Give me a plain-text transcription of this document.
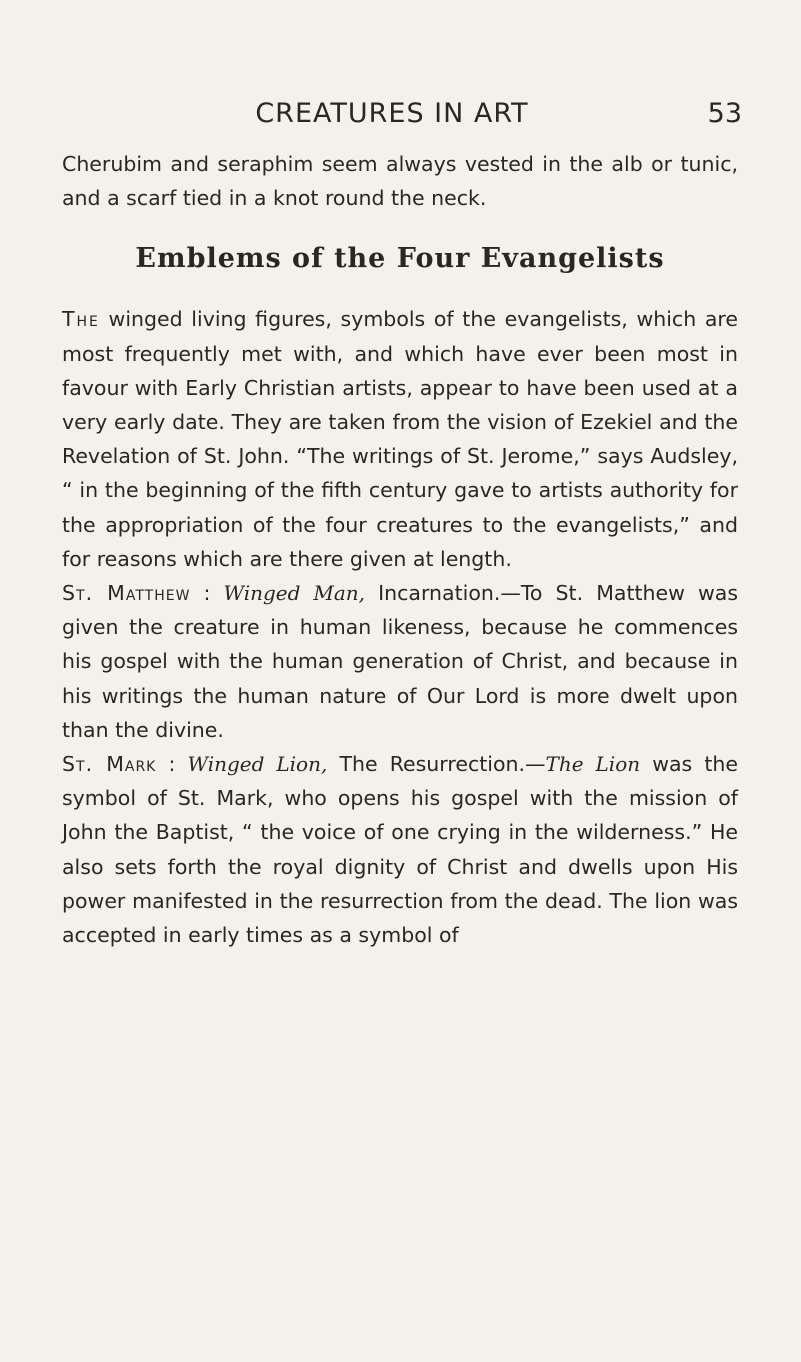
CREATURES IN ART	53

Cherubim and seraphim seem always vested in the alb or tunic, and a scarf tied in a knot round the neck.

Emblems of the Four Evangelists

The winged living figures, symbols of the evangelists, which are most frequently met with, and which have ever been most in favour with Early Christian artists, appear to have been used at a very early date. They are taken from the vision of Ezekiel and the Revelation of St. John. “The writings of St. Jerome,” says Audsley, “ in the beginning of the fifth century gave to artists authority for the appropriation of the four creatures to the evangelists,” and for reasons which are there given at length.

St. Matthew : Winged Man, Incarnation.—To St. Matthew was given the creature in human likeness, because he commences his gospel with the human generation of Christ, and because in his writings the human nature of Our Lord is more dwelt upon than the divine.

St. Mark : Winged Lion, The Resurrection.—The Lion was the symbol of St. Mark, who opens his gospel with the mission of John the Baptist, “ the voice of one crying in the wilderness.” He also sets forth the royal dignity of Christ and dwells upon His power manifested in the resurrection from the dead. The lion was accepted in early times as a symbol of
